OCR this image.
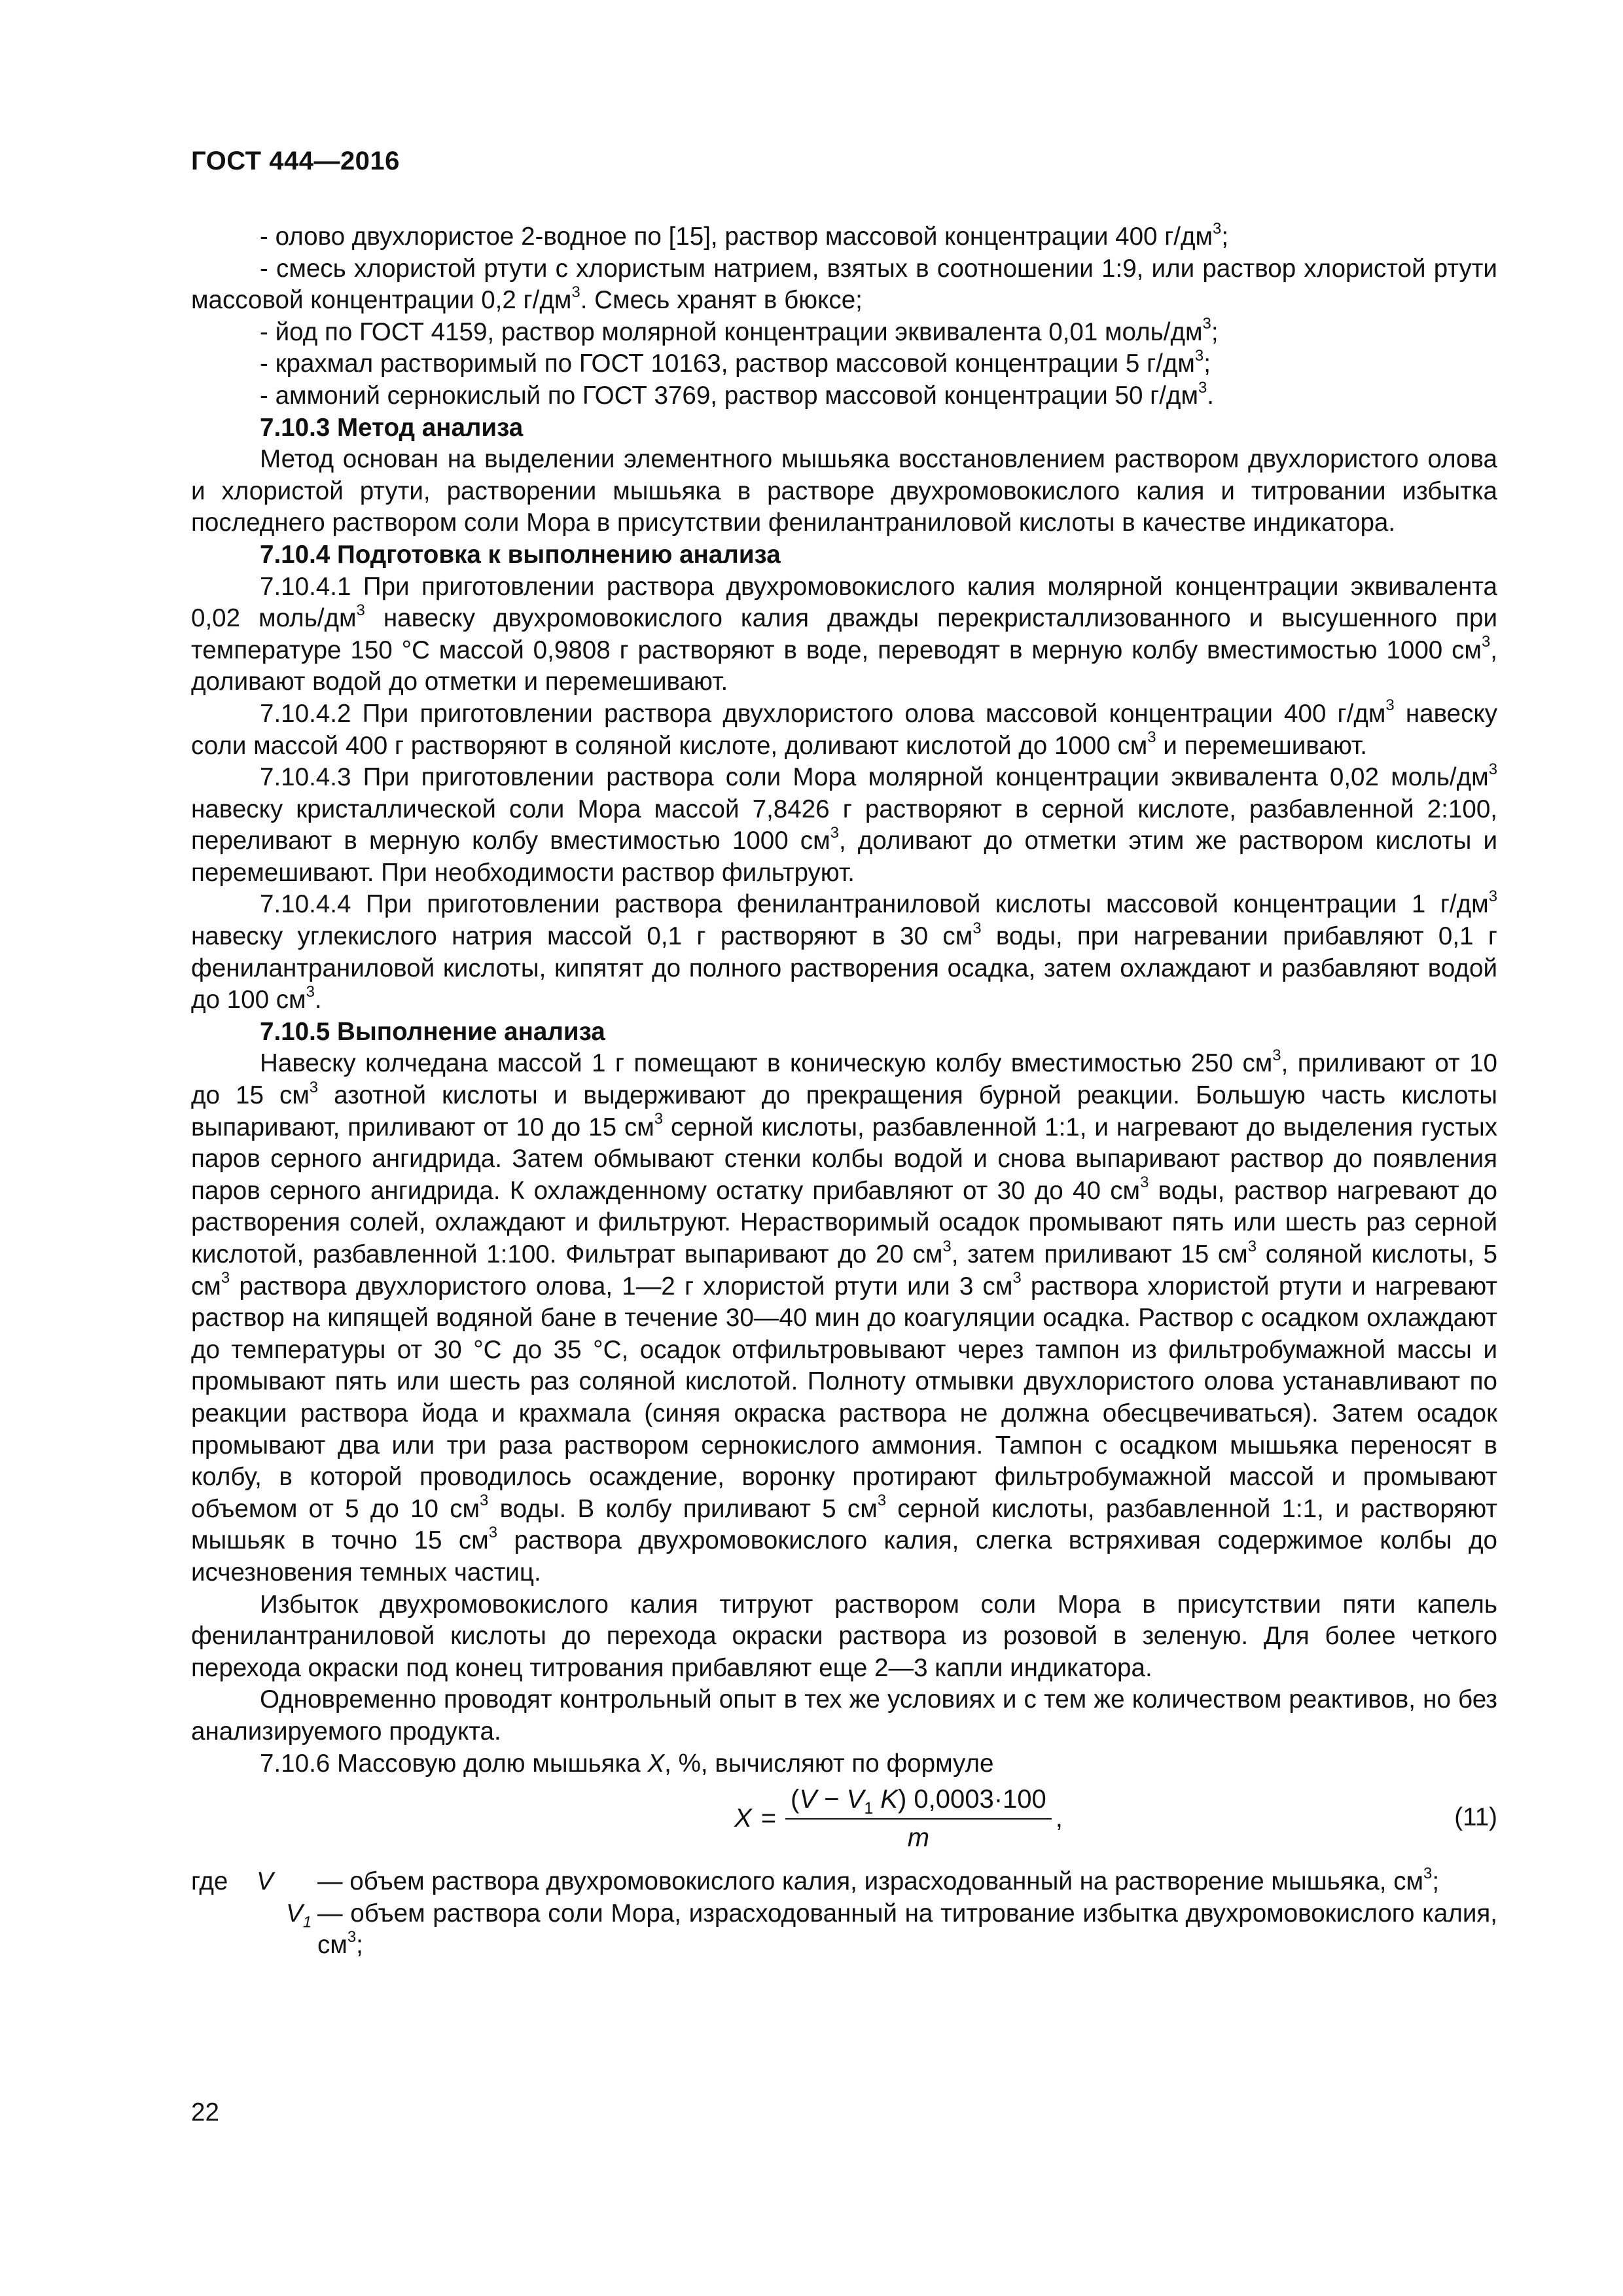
ГОСТ 444—2016

- олово двухлористое 2-водное по [15], раствор массовой концентрации 400 $г/дм^3$;

- смесь хлористой ртути с хлористым натрием, взятых в соотношении 1:9, или раствор хлористой ртути массовой концентрации 0,2 $г/дм^3$. Смесь хранят в бюксе;

- йод по ГОСТ 4159, раствор молярной концентрации эквивалента 0,01 моль/$дм^3$;

- крахмал растворимый по ГОСТ 10163, раствор массовой концентрации 5 $г/дм^3$;

- аммоний сернокислый по ГОСТ 3769, раствор массовой концентрации 50 $г/дм^3$.

7.10.3 Метод анализа

Метод основан на выделении элементного мышьяка восстановлением раствором двухлористого олова и хлористой ртути, растворении мышьяка в растворе двухромовокислого калия и титровании избытка последнего раствором соли Мора в присутствии фенилантраниловой кислоты в качестве индикатора.

7.10.4 Подготовка к выполнению анализа

7.10.4.1 При приготовлении раствора двухромовокислого калия молярной концентрации эквивалента 0,02 моль/$дм^3$ навеску двухромовокислого калия дважды перекристаллизованного и высушенного при температуре 150 °С массой 0,9808 г растворяют в воде, переводят в мерную колбу вместимостью 1000 $см^3$, доливают водой до отметки и перемешивают.

7.10.4.2 При приготовлении раствора двухлористого олова массовой концентрации 400 $г/дм^3$ навеску соли массой 400 г растворяют в соляной кислоте, доливают кислотой до 1000 $см^3$ и перемешивают.

7.10.4.3 При приготовлении раствора соли Мора молярной концентрации эквивалента 0,02 моль/$дм^3$ навеску кристаллической соли Мора массой 7,8426 г растворяют в серной кислоте, разбавленной 2:100, переливают в мерную колбу вместимостью 1000 $см^3$, доливают до отметки этим же раствором кислоты и перемешивают. При необходимости раствор фильтруют.

7.10.4.4 При приготовлении раствора фенилантраниловой кислоты массовой концентрации 1 $г/дм^3$ навеску углекислого натрия массой 0,1 г растворяют в 30 $см^3$ воды, при нагревании прибавляют 0,1 г фенилантраниловой кислоты, кипятят до полного растворения осадка, затем охлаждают и разбавляют водой до 100 $см^3$.

7.10.5 Выполнение анализа

Навеску колчедана массой 1 г помещают в коническую колбу вместимостью 250 $см^3$, приливают от 10 до 15 $см^3$ азотной кислоты и выдерживают до прекращения бурной реакции. Большую часть кислоты выпаривают, приливают от 10 до 15 $см^3$ серной кислоты, разбавленной 1:1, и нагревают до выделения густых паров серного ангидрида. Затем обмывают стенки колбы водой и снова выпаривают раствор до появления паров серного ангидрида. К охлажденному остатку прибавляют от 30 до 40 $см^3$ воды, раствор нагревают до растворения солей, охлаждают и фильтруют. Нерастворимый осадок промывают пять или шесть раз серной кислотой, разбавленной 1:100. Фильтрат выпаривают до 20 $см^3$, затем приливают 15 $см^3$ соляной кислоты, 5 $см^3$ раствора двухлористого олова, 1—2 г хлористой ртути или 3 $см^3$ раствора хлористой ртути и нагревают раствор на кипящей водяной бане в течение 30—40 мин до коагуляции осадка. Раствор с осадком охлаждают до температуры от 30 °С до 35 °С, осадок отфильтровывают через тампон из фильтробумажной массы и промывают пять или шесть раз соляной кислотой. Полноту отмывки двухлористого олова устанавливают по реакции раствора йода и крахмала (синяя окраска раствора не должна обесцвечиваться). Затем осадок промывают два или три раза раствором сернокислого аммония. Тампон с осадком мышьяка переносят в колбу, в которой проводилось осаждение, воронку протирают фильтробумажной массой и промывают объемом от 5 до 10 $см^3$ воды. В колбу приливают 5 $см^3$ серной кислоты, разбавленной 1:1, и растворяют мышьяк в точно 15 $см^3$ раствора двухромовокислого калия, слегка встряхивая содержимое колбы до исчезновения темных частиц.

Избыток двухромовокислого калия титруют раствором соли Мора в присутствии пяти капель фенилантраниловой кислоты до перехода окраски раствора из розовой в зеленую. Для более четкого перехода окраски под конец титрования прибавляют еще 2—3 капли индикатора.

Одновременно проводят контрольный опыт в тех же условиях и с тем же количеством реактивов, но без анализируемого продукта.

7.10.6 Массовую долю мышьяка X, %, вычисляют по формуле

$X = \frac{(V - V_1 K) 0,0003\cdot 100}{m}$ ,	(11)
где V — объем раствора двухромовокислого калия, израсходованный на растворение мышьяка, $см^3$;
$V_1$ — объем раствора соли Мора, израсходованный на титрование избытка двухромовокислого калия, $см^3$;
22
